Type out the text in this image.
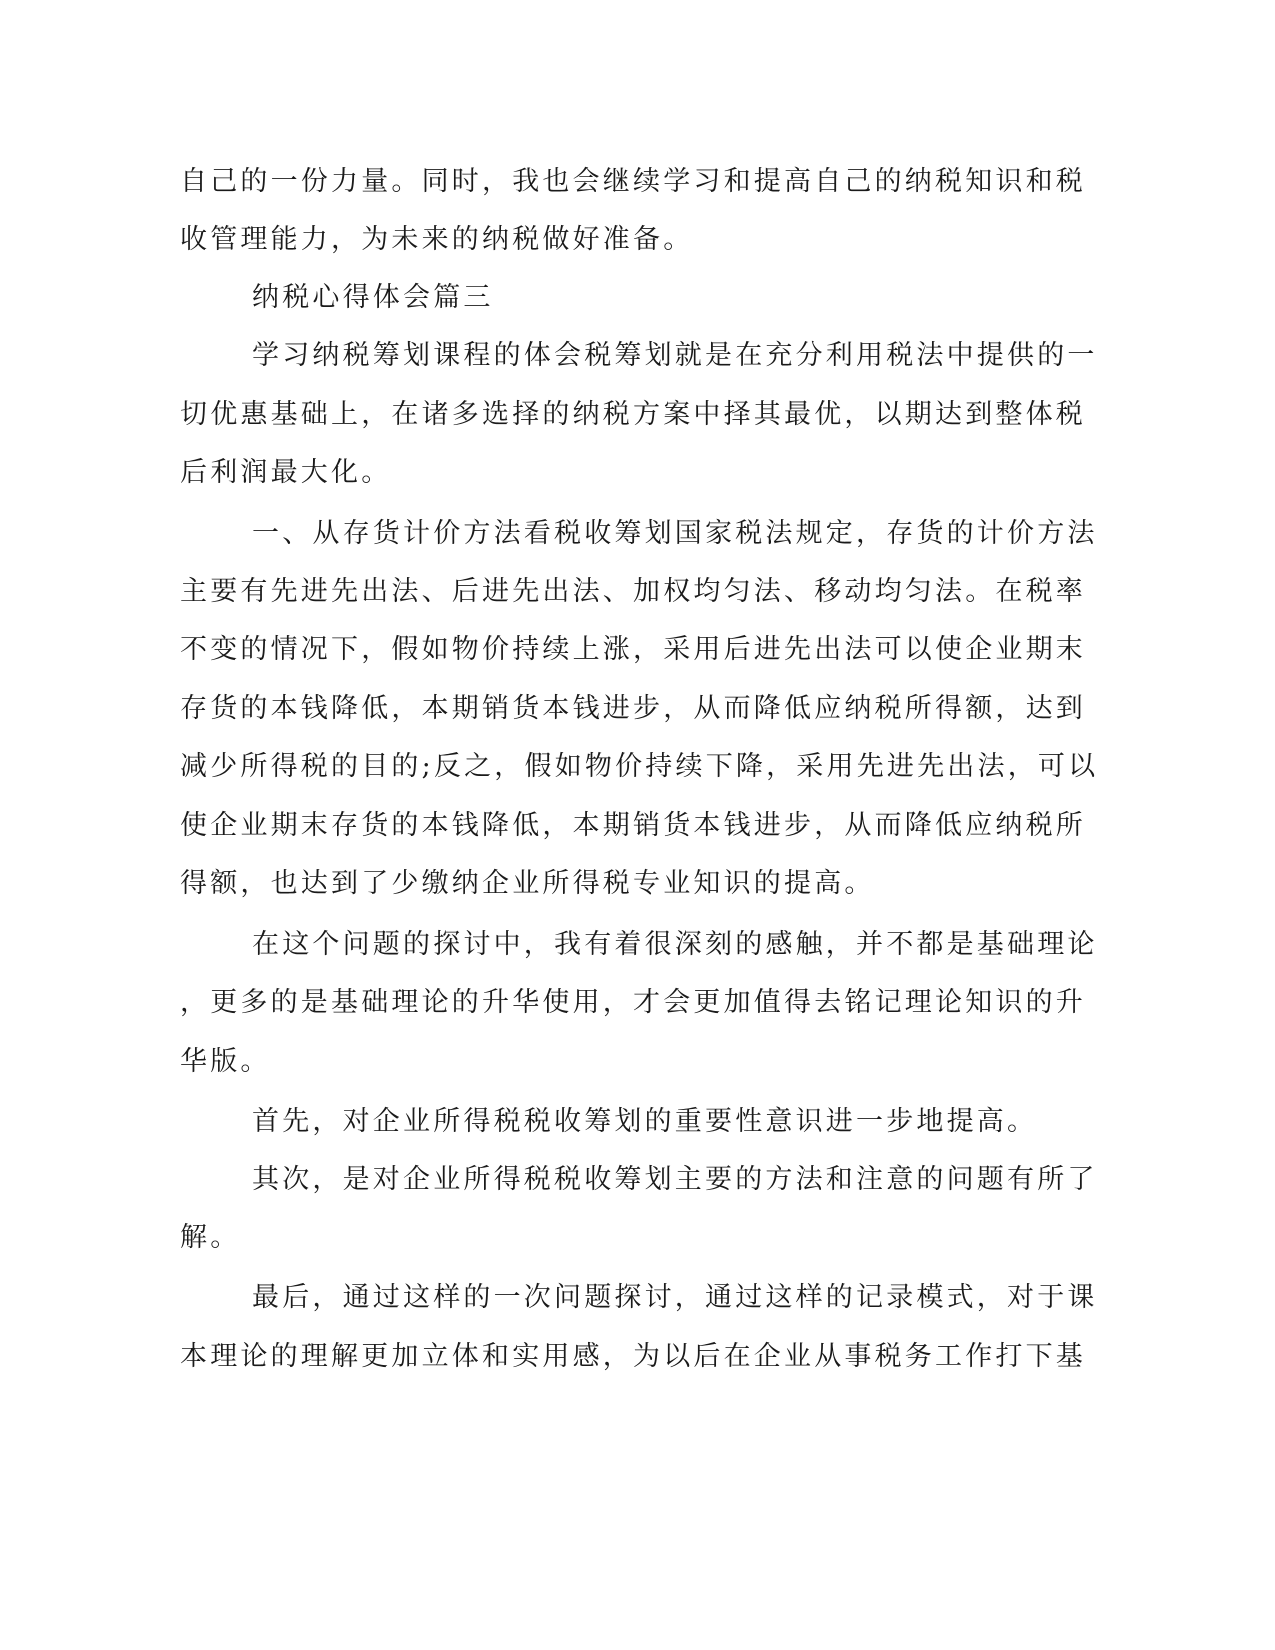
自己的一份力量。同时，我也会继续学习和提高自己的纳税知识和税
收管理能力，为未来的纳税做好准备。
纳税心得体会篇三
学习纳税筹划课程的体会税筹划就是在充分利用税法中提供的一
切优惠基础上，在诸多选择的纳税方案中择其最优，以期达到整体税
后利润最大化。
一、从存货计价方法看税收筹划国家税法规定，存货的计价方法
主要有先进先出法、后进先出法、加权均匀法、移动均匀法。在税率
不变的情况下，假如物价持续上涨，采用后进先出法可以使企业期末
存货的本钱降低，本期销货本钱进步，从而降低应纳税所得额，达到
减少所得税的目的;反之，假如物价持续下降，采用先进先出法，可以
使企业期末存货的本钱降低，本期销货本钱进步，从而降低应纳税所
得额，也达到了少缴纳企业所得税专业知识的提高。
在这个问题的探讨中，我有着很深刻的感触，并不都是基础理论
，更多的是基础理论的升华使用，才会更加值得去铭记理论知识的升
华版。
首先，对企业所得税税收筹划的重要性意识进一步地提高。
其次，是对企业所得税税收筹划主要的方法和注意的问题有所了
解。
最后，通过这样的一次问题探讨，通过这样的记录模式，对于课
本理论的理解更加立体和实用感，为以后在企业从事税务工作打下基
